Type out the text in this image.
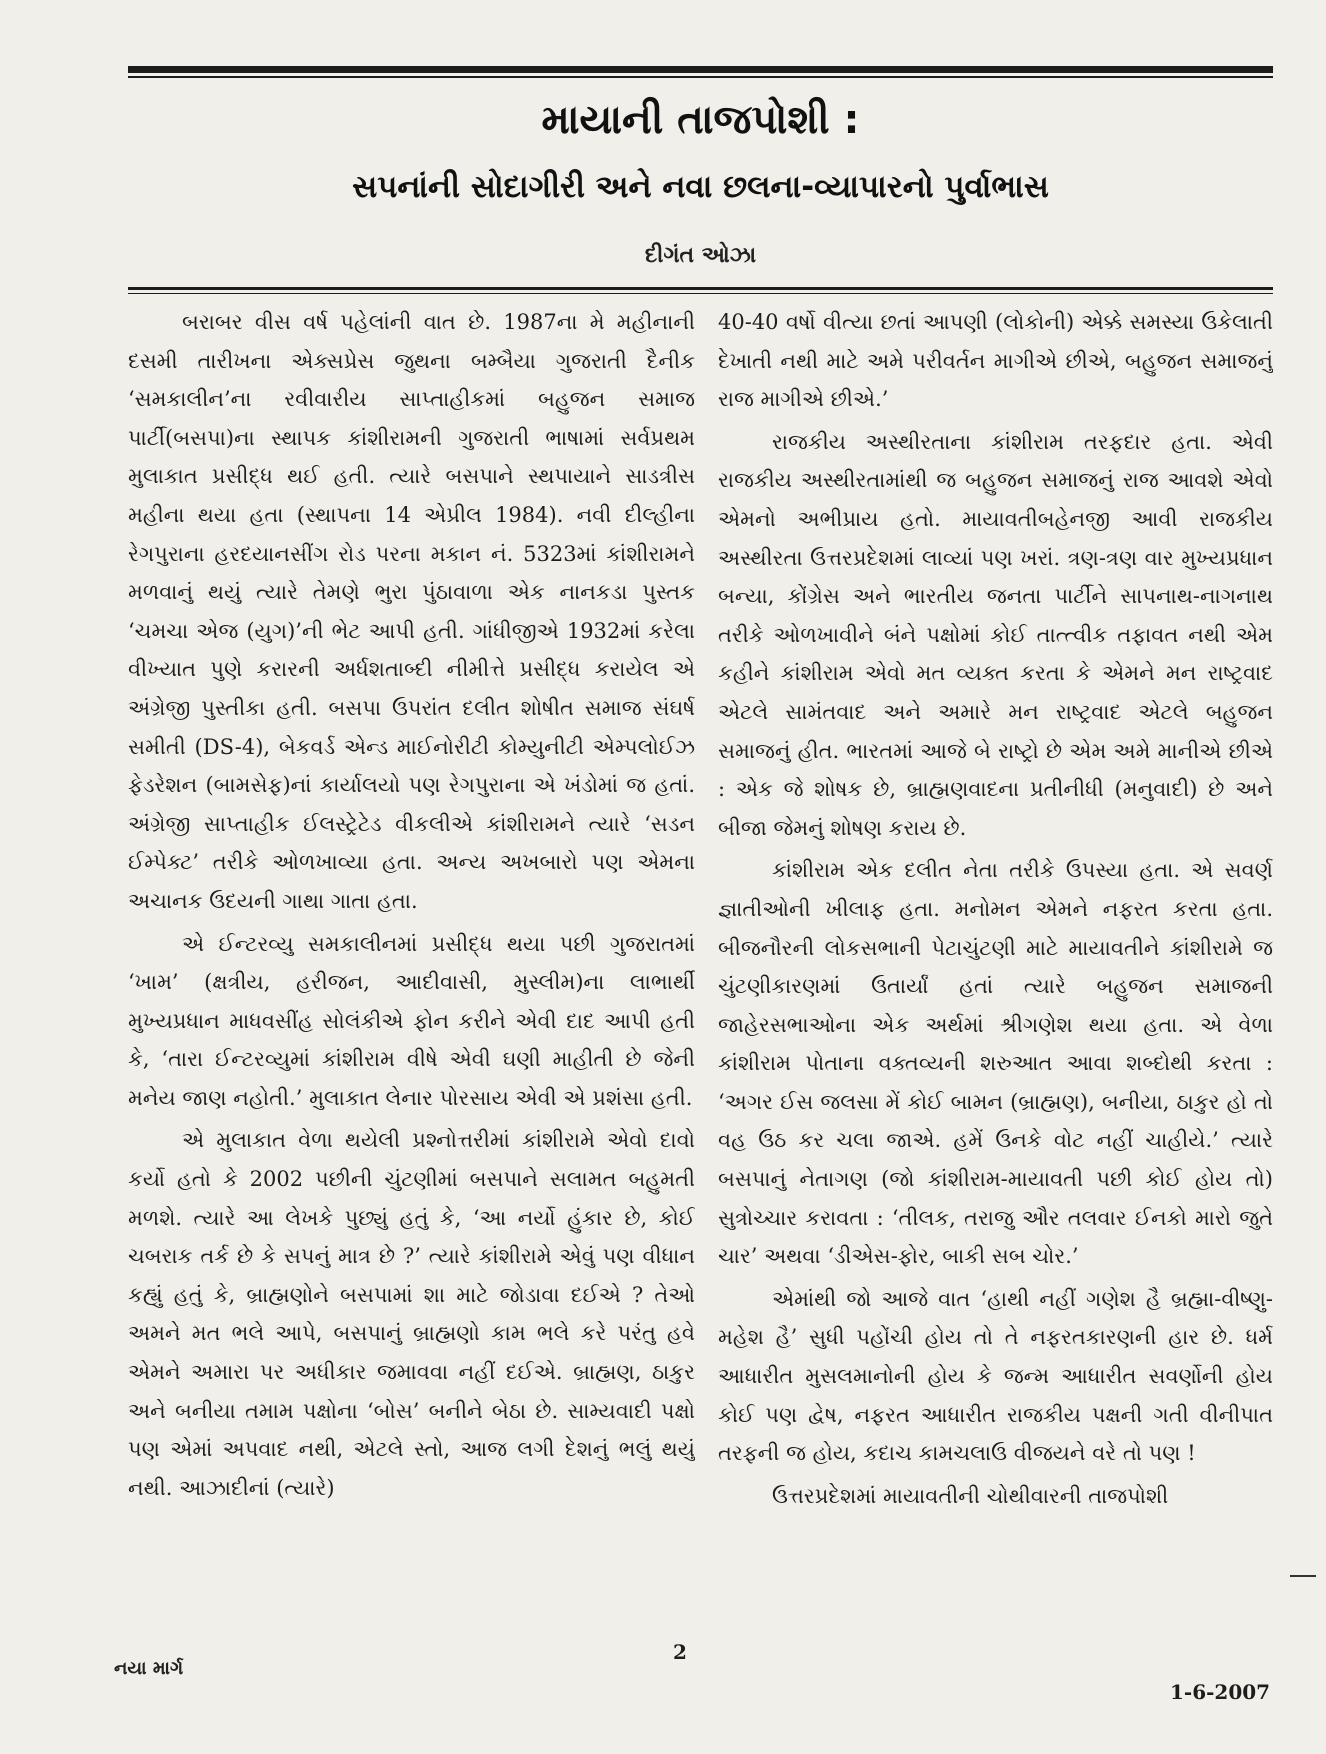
માયાની તાજપોશી :
સપનાંની સોદાગીરી અને નવા છલના-વ્યાપારનો પુર્વાભાસ
દીગંત ઓઝા

બરાબર વીસ વર્ષ પહેલાંની વાત છે. 1987ના મે મહીનાની દસમી તારીખના એક્સપ્રેસ જુથના બમ્બૈયા ગુજરાતી દૈનીક ‘સમકાલીન’ના રવીવારીય સાપ્તાહીકમાં બહુજન સમાજ પાર્ટી(બસપા)ના સ્થાપક કાંશીરામની ગુજરાતી ભાષામાં સર્વપ્રથમ મુલાકાત પ્રસીદ્ધ થઈ હતી. ત્યારે બસપાને સ્થપાયાને સાડત્રીસ મહીના થયા હતા (સ્થાપના 14 એપ્રીલ 1984). નવી દીલ્હીના રેગપુરાના હરદયાનસીંગ રોડ પરના મકાન નં. 5323માં કાંશીરામને મળવાનું થયું ત્યારે તેમણે ભુરા પુંઠાવાળા એક નાનકડા પુસ્તક ‘ચમચા એજ (યુગ)’ની ભેટ આપી હતી. ગાંધીજીએ 1932માં કરેલા વીખ્યાત પુણે કરારની અર્ધશતાબ્દી નીમીત્તે પ્રસીદ્ધ કરાયેલ એ અંગ્રેજી પુસ્તીકા હતી. બસપા ઉપરાંત દલીત શોષીત સમાજ સંઘર્ષ સમીતી (DS-4), બેકવર્ડ એન્ડ માઈનોરીટી કોમ્યુનીટી એમ્પલોઈઝ ફેડરેશન (બામસેફ)નાં કાર્યાલયો પણ રેગપુરાના એ ખંડોમાં જ હતાં. અંગ્રેજી સાપ્તાહીક ઈલસ્ટ્રેટેડ વીકલીએ કાંશીરામને ત્યારે ‘સડન ઈમ્પેક્ટ’ તરીકે ઓળખાવ્યા હતા. અન્ય અખબારો પણ એમના અચાનક ઉદયની ગાથા ગાતા હતા.

એ ઈન્ટરવ્યુ સમકાલીનમાં પ્રસીદ્ધ થયા પછી ગુજરાતમાં ‘ખામ’ (ક્ષત્રીય, હરીજન, આદીવાસી, મુસ્લીમ)ના લાભાર્થી મુખ્યપ્રધાન માધવસીંહ સોલંકીએ ફોન કરીને એવી દાદ આપી હતી કે, ‘તારા ઈન્ટરવ્યુમાં કાંશીરામ વીષે એવી ઘણી માહીતી છે જેની મનેય જાણ નહોતી.’ મુલાકાત લેનાર પોરસાય એવી એ પ્રશંસા હતી.

એ મુલાકાત વેળા થયેલી પ્રશ્નોત્તરીમાં કાંશીરામે એવો દાવો કર્યો હતો કે 2002 પછીની ચુંટણીમાં બસપાને સલામત બહુમતી મળશે. ત્યારે આ લેખકે પુછ્યું હતું કે, ‘આ નર્યો હુંકાર છે, કોઈ ચબરાક તર્ક છે કે સપનું માત્ર છે ?’ ત્યારે કાંશીરામે એવું પણ વીધાન કહ્યું હતું કે, બ્રાહ્મણોને બસપામાં શા માટે જોડાવા દઈએ ? તેઓ અમને મત ભલે આપે, બસપાનું બ્રાહ્મણો કામ ભલે કરે પરંતુ હવે એમને અમારા પર અધીકાર જમાવવા નહીં દઈએ. બ્રાહ્મણ, ઠાકુર અને બનીયા તમામ પક્ષોના ‘બોસ’ બનીને બેઠા છે. સામ્યવાદી પક્ષો પણ એમાં અપવાદ નથી, એટલે સ્તો, આજ લગી દેશનું ભલું થયું નથી. આઝાદીનાં (ત્યારે)

40-40 વર્ષો વીત્યા છતાં આપણી (લોકોની) એક્કે સમસ્યા ઉકેલાતી દેખાતી નથી માટે અમે પરીવર્તન માગીએ છીએ, બહુજન સમાજનું રાજ માગીએ છીએ.’

રાજકીય અસ્થીરતાના કાંશીરામ તરફદાર હતા. એવી રાજકીય અસ્થીરતામાંથી જ બહુજન સમાજનું રાજ આવશે એવો એમનો અભીપ્રાય હતો. માયાવતીબહેનજી આવી રાજકીય અસ્થીરતા ઉત્તરપ્રદેશમાં લાવ્યાં પણ ખરાં. ત્રણ-ત્રણ વાર મુખ્યપ્રધાન બન્યા, કોંગ્રેસ અને ભારતીય જનતા પાર્ટીને સાપનાથ-નાગનાથ તરીકે ઓળખાવીને બંને પક્ષોમાં કોઈ તાત્ત્વીક તફાવત નથી એમ કહીને કાંશીરામ એવો મત વ્યક્ત કરતા કે એમને મન રાષ્ટ્રવાદ એટલે સામંતવાદ અને અમારે મન રાષ્ટ્રવાદ એટલે બહુજન સમાજનું હીત. ભારતમાં આજે બે રાષ્ટ્રો છે એમ અમે માનીએ છીએ : એક જે શોષક છે, બ્રાહ્મણવાદના પ્રતીનીધી (મનુવાદી) છે અને બીજા જેમનું શોષણ કરાય છે.

કાંશીરામ એક દલીત નેતા તરીકે ઉપસ્યા હતા. એ સવર્ણ જ્ઞાતીઓની ખીલાફ હતા. મનોમન એમને નફરત કરતા હતા. બીજનૌરની લોકસભાની પેટાચુંટણી માટે માયાવતીને કાંશીરામે જ ચુંટણીકારણમાં ઉતાર્યાં હતાં ત્યારે બહુજન સમાજની જાહેરસભાઓના એક અર્થમાં શ્રીગણેશ થયા હતા. એ વેળા કાંશીરામ પોતાના વક્તવ્યની શરુઆત આવા શબ્દોથી કરતા : ‘અગર ઈસ જલસા મેં કોઈ બામન (બ્રાહ્મણ), બનીયા, ઠાકુર હો તો વહ ઉઠ કર ચલા જાએ. હમેં ઉનકે વોટ નહીં ચાહીયે.’ ત્યારે બસપાનું નેતાગણ (જો કાંશીરામ-માયાવતી પછી કોઈ હોય તો) સુત્રોચ્ચાર કરાવતા : ‘તીલક, તરાજુ ઔર તલવાર ઈનકો મારો જુતે ચાર’ અથવા ‘ડીએસ-ફોર, બાકી સબ ચોર.’

એમાંથી જો આજે વાત ‘હાથી નહીં ગણેશ હૈ બ્રહ્મા-વીષ્ણુ-મહેશ હૈ’ સુધી પહોંચી હોય તો તે નફરતકારણની હાર છે. ધર્મ આધારીત મુસલમાનોની હોય કે જન્મ આધારીત સવર્ણોની હોય કોઈ પણ દ્વેષ, નફરત આધારીત રાજકીય પક્ષની ગતી વીનીપાત તરફની જ હોય, કદાચ કામચલાઉ વીજયને વરે તો પણ !

ઉત્તરપ્રદેશમાં માયાવતીની ચોથીવારની તાજપોશી

નયા માર્ગ
2
1-6-2007
